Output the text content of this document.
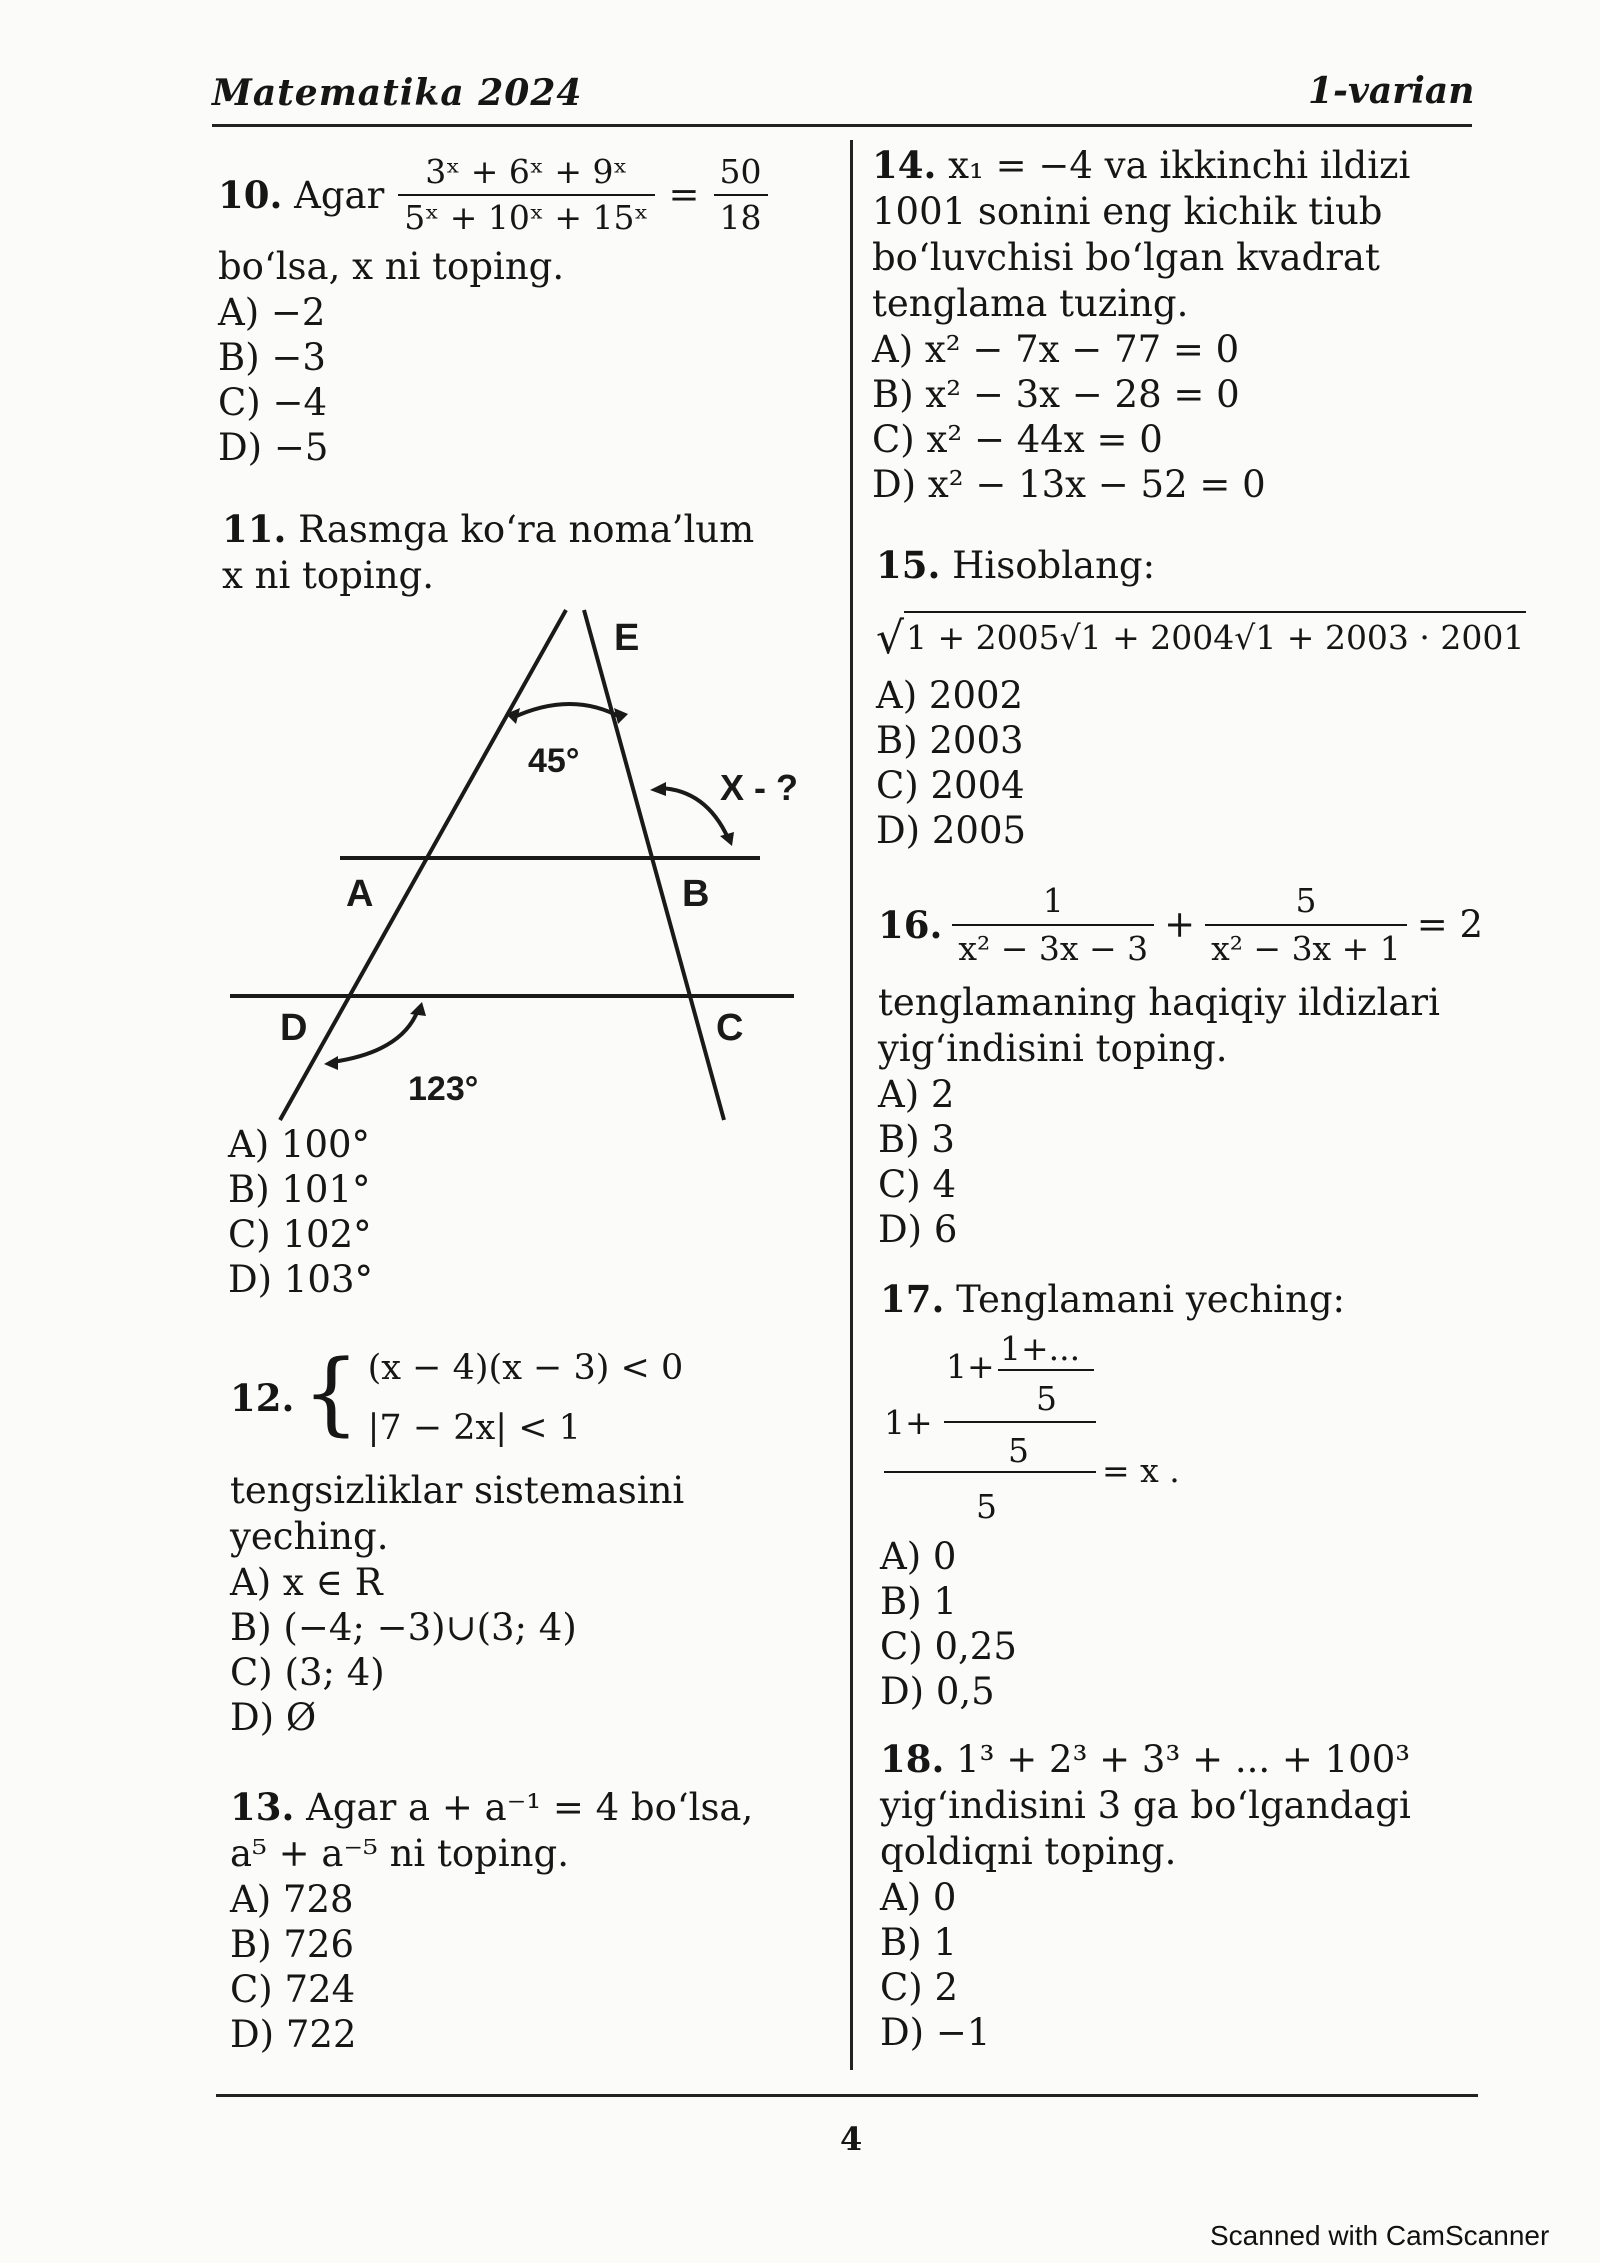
Matematika 2024	1-varian
4
Scanned with CamScanner
10. Agar $\frac{\text{3ˣ + 6ˣ + 9ˣ}}{\text{5ˣ + 10ˣ + 15ˣ}} = \frac{50}{18}$
bo‘lsa, x ni toping.
A) −2
B) −3
C) −4
D) −5
11. Rasmga ko‘ra noma’lum
x ni toping.
E
A	B
D	C
45°
X - ?
123°
A) 100°
B) 101°
C) 102°
D) 103°
12. { (x − 4)(x − 3) < 0
|7 − 2x| < 1
tengsizliklar sistemasini
yeching.
A) x ∈ R
B) (−4; −3)∪(3; 4)
C) (3; 4)
D) Ø
13. Agar a + a⁻¹ = 4 bo‘lsa,
a⁵ + a⁻⁵ ni toping.
A) 728
B) 726
C) 724
D) 722
14. x₁ = −4 va ikkinchi ildizi
1001 sonini eng kichik tiub
bo‘luvchisi bo‘lgan kvadrat
tenglama tuzing.
A) x² − 7x − 77 = 0
B) x² − 3x − 28 = 0
C) x² − 44x = 0
D) x² − 13x − 52 = 0
15. Hisoblang:
√ 1 + 2005√1 + 2004√1 + 2003 · 2001
A) 2002
B) 2003
C) 2004
D) 2005
16. $\frac{1}{\text{x² − 3x − 3}} + \frac{5}{\text{x² − 3x + 1}} = 2$
tenglamaning haqiqiy ildizlari
yig‘indisini toping.
A) 2
B) 3
C) 4
D) 6
17. Tenglamani yeching:
1+ 1+...
5
1+
5
5
= x .
A) 0
B) 1
C) 0,25
D) 0,5
18. 1³ + 2³ + 3³ + ... + 100³
yig‘indisini 3 ga bo‘lgandagi
qoldiqni toping.
A) 0
B) 1
C) 2
D) −1
